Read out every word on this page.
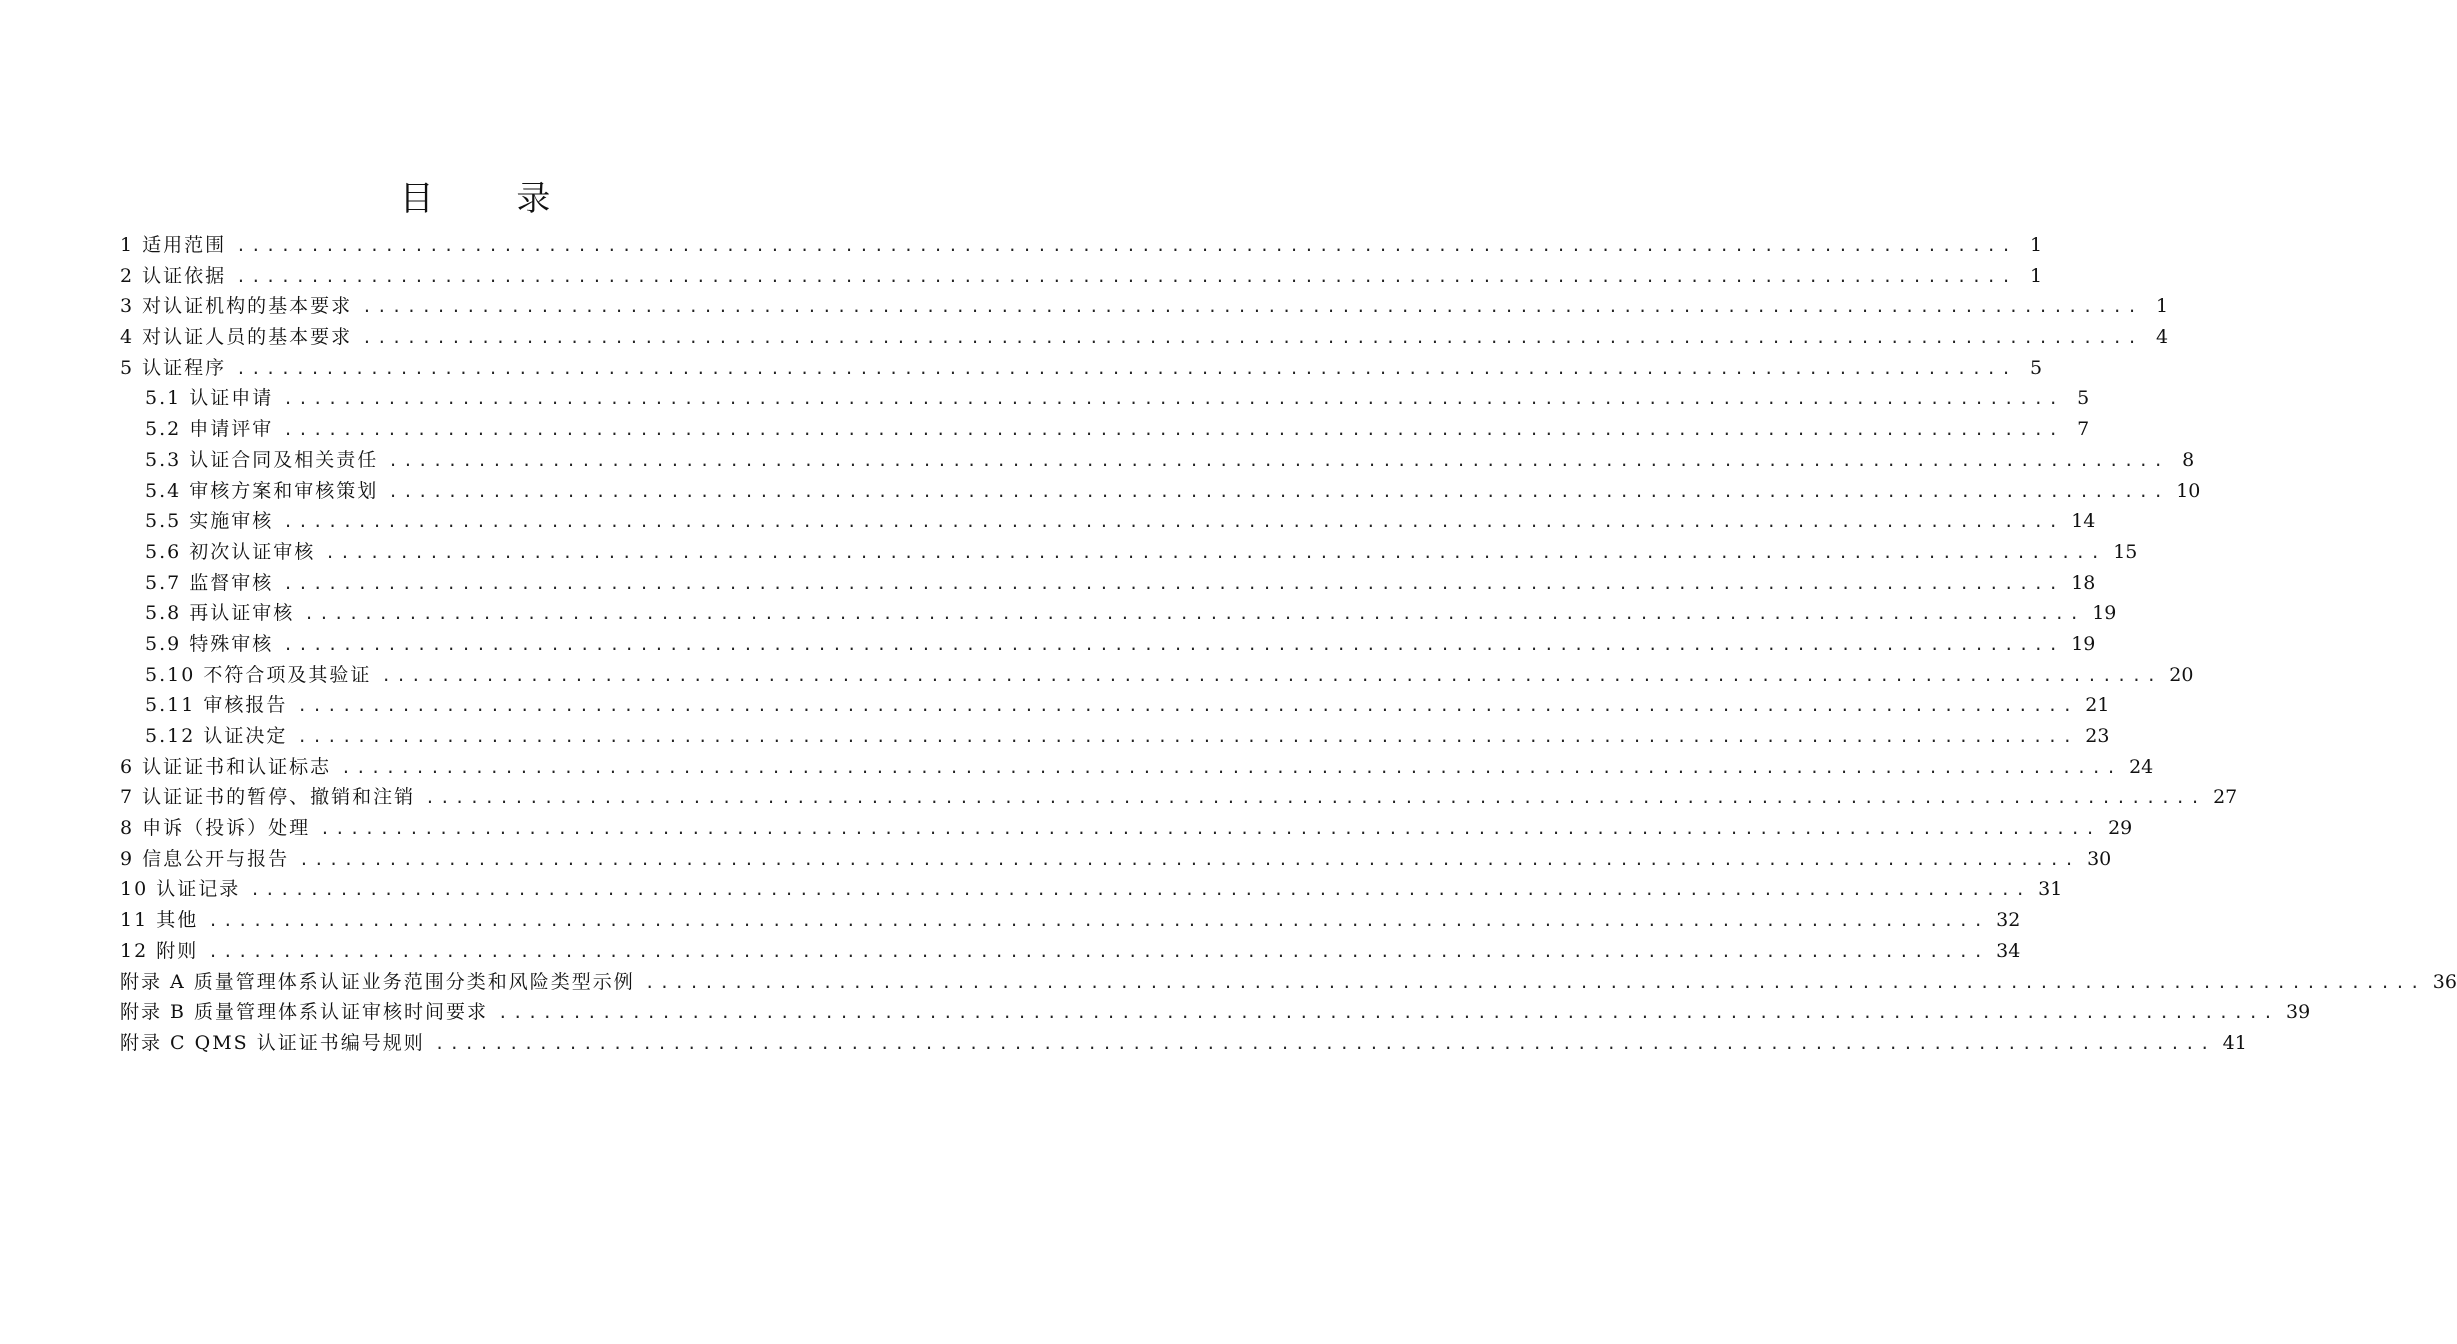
目 录
1 适用范围 ........................................................................................................................ 1
2 认证依据 ........................................................................................................................ 1
3 对认证机构的基本要求 ........................................................................................................................ 1
4 对认证人员的基本要求 ........................................................................................................................ 4
5 认证程序 ........................................................................................................................ 5
5.1 认证申请 ........................................................................................................................ 5
5.2 申请评审 ........................................................................................................................ 7
5.3 认证合同及相关责任 ........................................................................................................................ 8
5.4 审核方案和审核策划 ........................................................................................................................ 10
5.5 实施审核 ........................................................................................................................ 14
5.6 初次认证审核 ........................................................................................................................ 15
5.7 监督审核 ........................................................................................................................ 18
5.8 再认证审核 ........................................................................................................................ 19
5.9 特殊审核 ........................................................................................................................ 19
5.10 不符合项及其验证 ........................................................................................................................ 20
5.11 审核报告 ........................................................................................................................ 21
5.12 认证决定 ........................................................................................................................ 23
6 认证证书和认证标志 ........................................................................................................................ 24
7 认证证书的暂停、撤销和注销 ........................................................................................................................ 27
8 申诉（投诉）处理 ........................................................................................................................ 29
9 信息公开与报告 ........................................................................................................................ 30
10 认证记录 ........................................................................................................................ 31
11 其他 ........................................................................................................................ 32
12 附则 ........................................................................................................................ 34
附录 A 质量管理体系认证业务范围分类和风险类型示例 ........................................................................................................................ 36
附录 B 质量管理体系认证审核时间要求 ........................................................................................................................ 39
附录 C QMS 认证证书编号规则 ........................................................................................................................ 41
